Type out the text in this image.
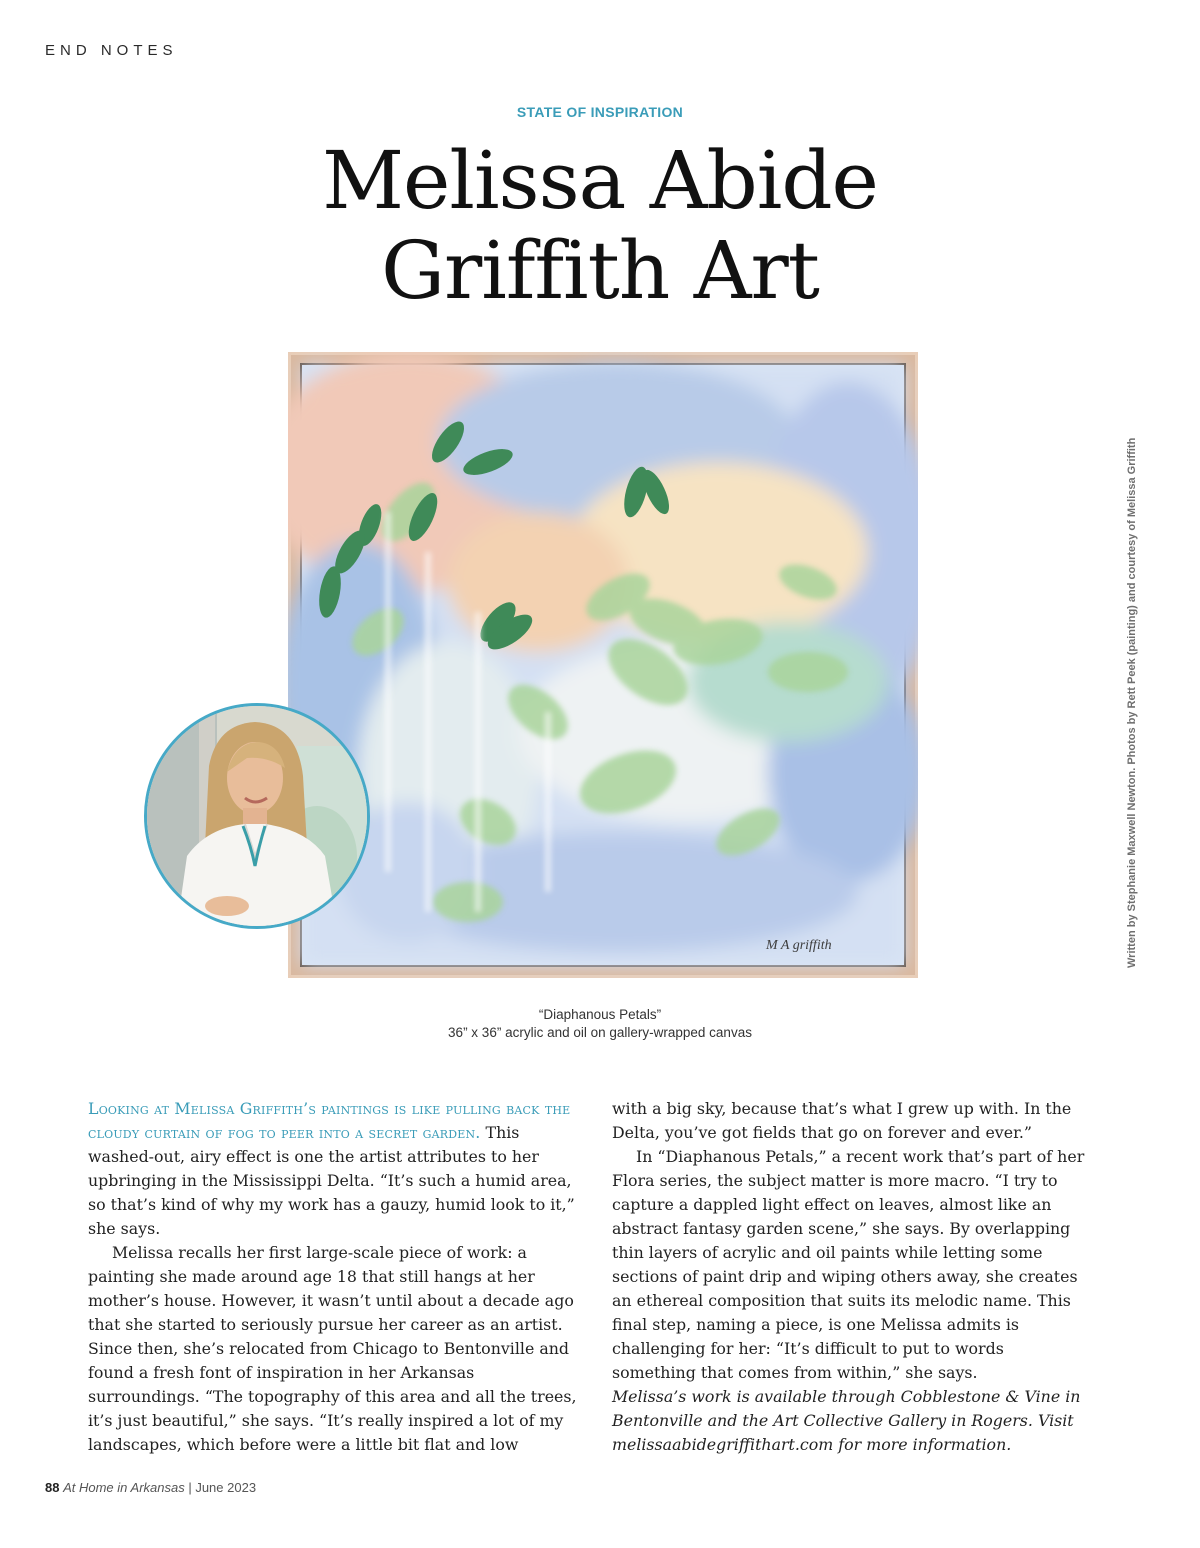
END NOTES
STATE OF INSPIRATION
Melissa Abide
Griffith Art
Written by Stephanie Maxwell Newton. Photos by Rett Peek (painting) and courtesy of Melissa Griffith
M A griffith
“Diaphanous Petals”
36” x 36” acrylic and oil on gallery-wrapped canvas

Looking at Melissa Griffith’s paintings is like pulling back the cloudy curtain of fog to peer into a secret garden. This washed-out, airy effect is one the artist attributes to her upbringing in the Mississippi Delta. “It’s such a humid area, so that’s kind of why my work has a gauzy, humid look to it,” she says.

Melissa recalls her first large-scale piece of work: a painting she made around age 18 that still hangs at her mother’s house. However, it wasn’t until about a decade ago that she started to seriously pursue her career as an artist. Since then, she’s relocated from Chicago to Bentonville and found a fresh font of inspiration in her Arkansas surroundings. “The topography of this area and all the trees, it’s just beautiful,” she says. “It’s really inspired a lot of my landscapes, which before were a little bit flat and low

with a big sky, because that’s what I grew up with. In the Delta, you’ve got fields that go on forever and ever.”

In “Diaphanous Petals,” a recent work that’s part of her Flora series, the subject matter is more macro. “I try to capture a dappled light effect on leaves, almost like an abstract fantasy garden scene,” she says. By overlapping thin layers of acrylic and oil paints while letting some sections of paint drip and wiping others away, she creates an ethereal composition that suits its melodic name. This final step, naming a piece, is one Melissa admits is challenging for her: “It’s difficult to put to words something that comes from within,” she says.

Melissa’s work is available through Cobblestone & Vine in Bentonville and the Art Collective Gallery in Rogers. Visit melissaabidegriffithart.com for more information.

88 At Home in Arkansas | June 2023
